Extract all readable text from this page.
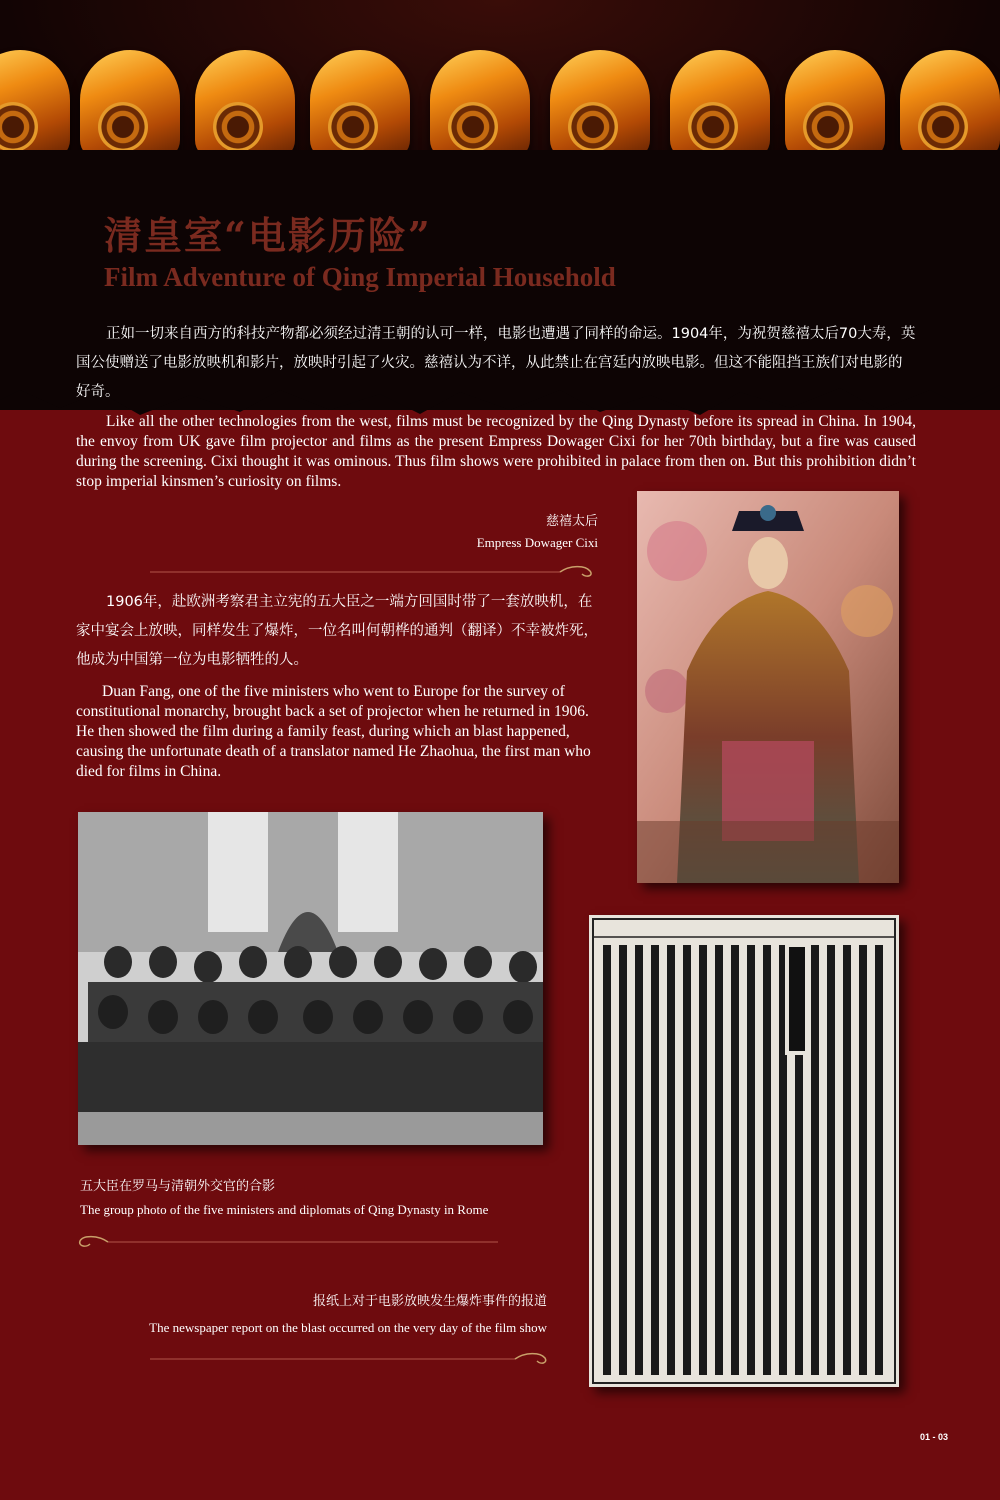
清皇室“电影历险”
Film Adventure of Qing Imperial Household
正如一切来自西方的科技产物都必须经过清王朝的认可一样，电影也遭遇了同样的命运。1904年，为祝贺慈禧太后70大寿，英国公使赠送了电影放映机和影片，放映时引起了火灾。慈禧认为不详，从此禁止在宫廷内放映电影。但这不能阻挡王族们对电影的好奇。
Like all the other technologies from the west, films must be recognized by the Qing Dynasty before its spread in China. In 1904, the envoy from UK gave film projector and films as the present Empress Dowager Cixi for her 70th birthday, but a fire was caused during the screening. Cixi thought it was ominous. Thus film shows were prohibited in palace from then on. But this prohibition didn’t stop imperial kinsmen’s curiosity on films.
慈禧太后
Empress Dowager Cixi
1906年，赴欧洲考察君主立宪的五大臣之一端方回国时带了一套放映机，在家中宴会上放映，同样发生了爆炸，一位名叫何朝桦的通判（翻译）不幸被炸死，他成为中国第一位为电影牺牲的人。
Duan Fang, one of the five ministers who went to Europe for the survey of constitutional monarchy, brought back a set of projector when he returned in 1906. He then showed the film during a family feast, during which an blast happened, causing the unfortunate death of a translator named He Zhaohua, the first man who died for films in China.
五大臣在罗马与清朝外交官的合影
The group photo of the five ministers and diplomats of Qing Dynasty in Rome
报纸上对于电影放映发生爆炸事件的报道
The newspaper report on the blast occurred on the very day of the film show
01 - 03
